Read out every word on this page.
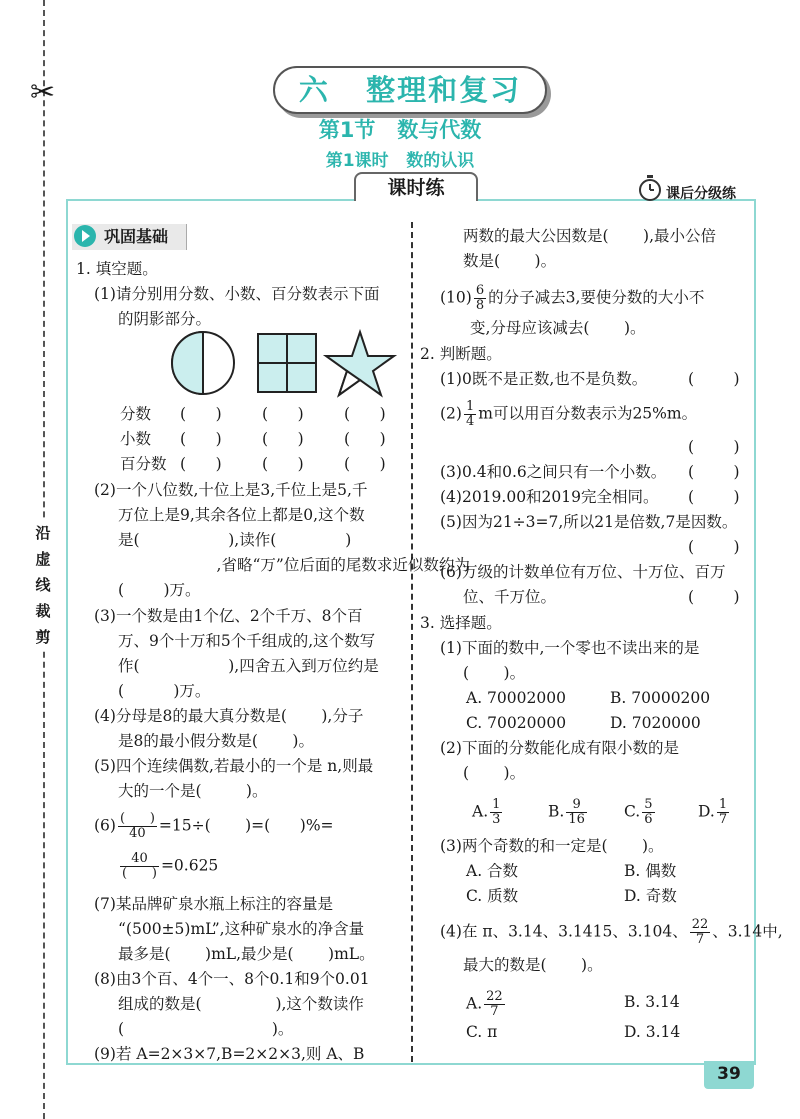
✂
沿
虚
线
裁
剪
六   整理和复习
第1节   数与代数
第1课时   数的认识
课时练	课后分级练
巩固基础
1. 填空题。
(1)请分别用分数、小数、百分数表示下面
的阴影部分。
分数 (      )	(      )	(      )
小数 (      )	(      )	(      )
百分数 (      )	(      )	(      )
(2)一个八位数,十位上是3,千位上是5,千
万位上是9,其余各位上都是0,这个数
是(                  ),读作(              )
,省略“万”位后面的尾数求近似数约为
(        )万。
(3)一个数是由1个亿、2个千万、8个百
万、9个十万和5个千组成的,这个数写
作(                  ),四舍五入到万位约是
(          )万。
(4)分母是8的最大真分数是(       ),分子
是8的最小假分数是(       )。
(5)四个连续偶数,若最小的一个是 n,则最
大的一个是(         )。
$(6) \frac{( )}{40} =15\div$(       )=(      )%=
$\frac{40}{( )} =0.625$
(7)某品牌矿泉水瓶上标注的容量是
“(500±5)mL”,这种矿泉水的净含量
最多是(       )mL,最少是(       )mL。
(8)由3个百、4个一、8个0.1和9个0.01
组成的数是(               ),这个数读作
(                              )。
(9)若 A=2×3×7,B=2×2×3,则 A、B
两数的最大公因数是(       ),最小公倍
数是(       )。
$(10) \frac{6}{8}$ 的分子减去3,要使分数的大小不
变,分母应该减去(       )。
2. 判断题。
(1)0既不是正数,也不是负数。	(        )
$(2) \frac{1}{4}$ m可以用百分数表示为25%m。
(        )
(3)0.4和0.6之间只有一个小数。 (        )
(4)2019.00和2019完全相同。 (        )
(5)因为21÷3=7,所以21是倍数,7是因数。
(        )
(6)万级的计数单位有万位、十万位、百万
位、千万位。	(        )
3. 选择题。
(1)下面的数中,一个零也不读出来的是
(       )。
A. 70002000	B. 70000200
C. 70020000	D. 7020000
(2)下面的分数能化成有限小数的是
(       )。
A. $\frac{1}{3}$	B. $\frac{9}{16} C$. $\frac{5}{6}$	D. $\frac{1}{7}$
(3)两个奇数的和一定是(       )。
A. 合数	B. 偶数
C. 质数	D. 奇数
(4)在 π、3.14、3.1415、3.104、 $\frac{22}{7}$ 、3.14̇中,
最大的数是(       )。
A. $\frac{22}{7}$	B. 3.14̇
C. π	D. 3.14
39
